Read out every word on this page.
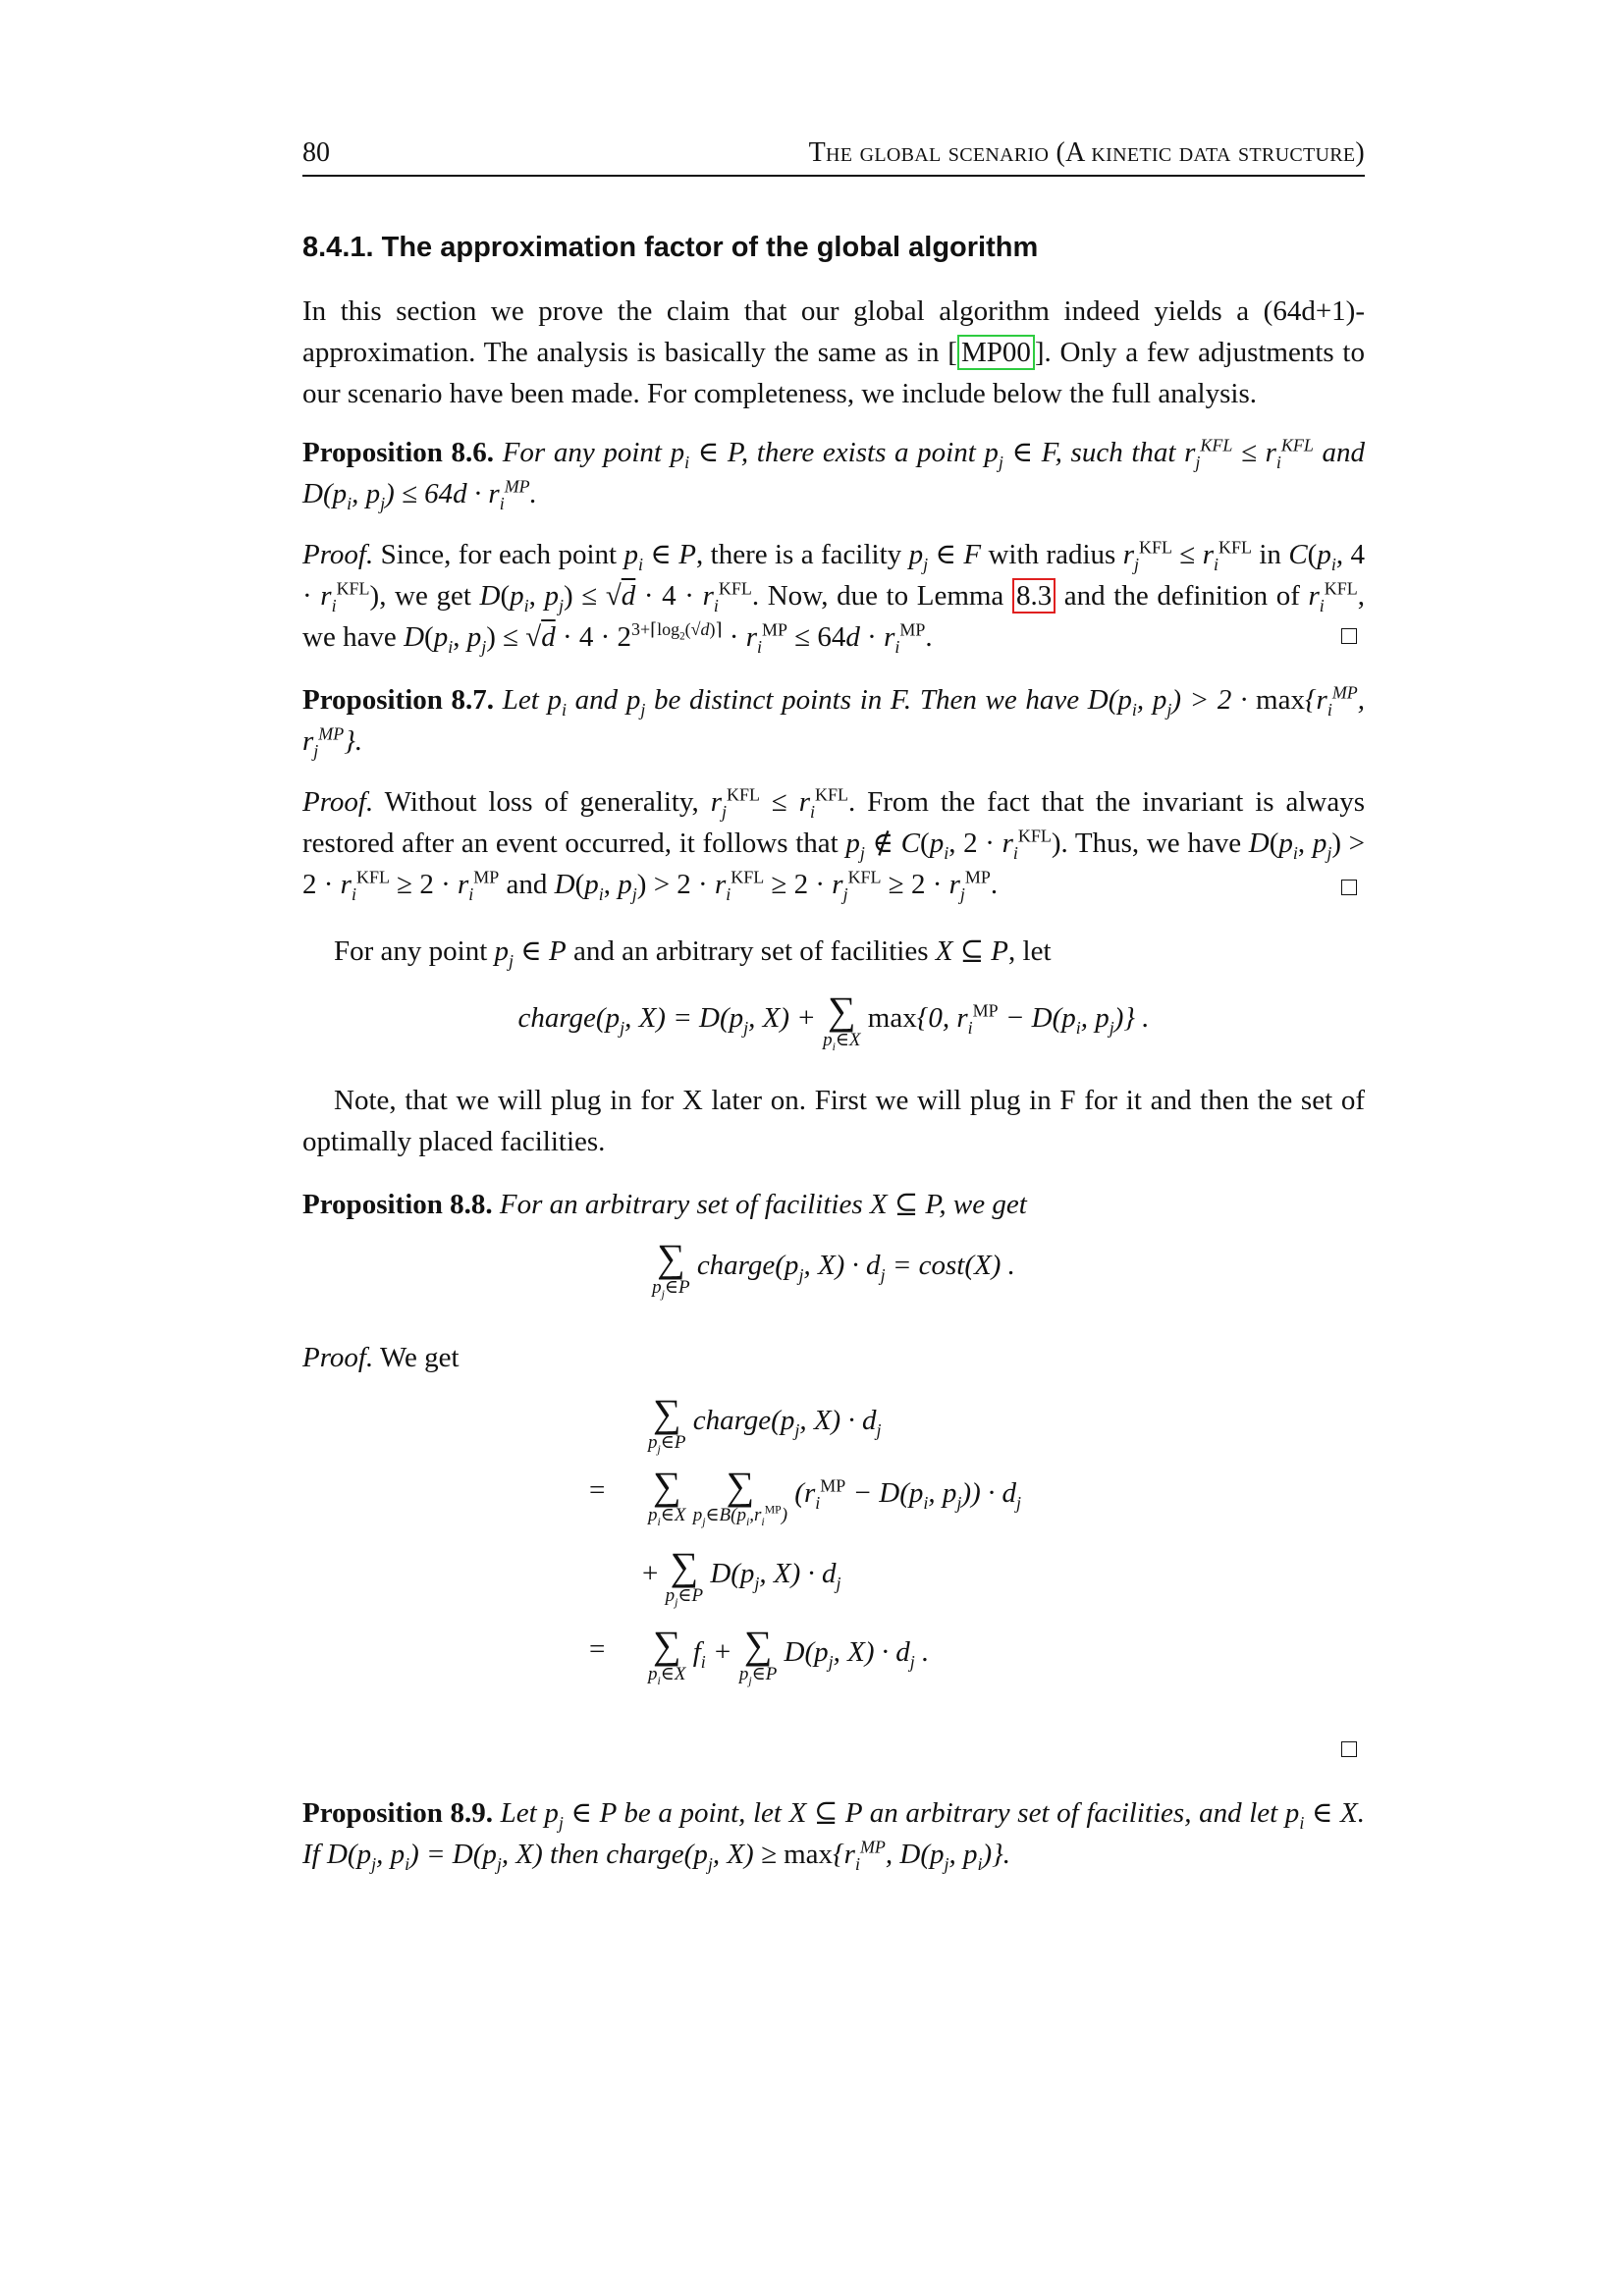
80	The global scenario (A kinetic data structure)
8.4.1. The approximation factor of the global algorithm
In this section we prove the claim that our global algorithm indeed yields a (64d+1)-approximation. The analysis is basically the same as in [ MP00 ]. Only a few adjustments to our scenario have been made. For completeness, we include below the full analysis.
Proposition 8.6. For any point $p_i$ ∈ P, there exists a point $p_j$ ∈ F, such that $r_j^{KFL} \le r_i^{KFL}$ and $D(p_i$, $p_j) \le 64d \cdot r_i^{MP}$.
Proof. Since, for each point $p_i$ ∈ P, there is a facility $p_j$ ∈ F with radius $r_j^{KFL} \le r_i^{KFL}$ in $C(p_i$, $4 \cdot r_i^{KFL}$), we get $D(p_i$, $p_j) \le √d \cdot 4 \cdot r_i^{KFL}$. Now, due to Lemma 8.3 and the definition of $r_i^{KFL}$, we have $D(p_i$, $p_j) \le √d \cdot 4 \cdot 2^{3+⌈log_2(√d)⌉} \cdot r_i^{MP} \le 64d \cdot r_i^{MP}$.
Proposition 8.7. Let $p_i$ and $p_j$ be distinct points in F. Then we have $D(p_i$, $p_j) > 2 \cdot \max\{r_i^{MP}$, $r_j^{MP}$}.
Proof. Without loss of generality, $r_j^{KFL} \le r_i^{KFL}$. From the fact that the invariant is always restored after an event occurred, it follows that $p_j$ ∉ $C(p_i$, $2 \cdot r_i^{KFL}$). Thus, we have $D(p_i$, $p_j) > 2 \cdot r_i^{KFL} \ge 2 \cdot r_i^{MP}$ and $D(p_i$, $p_j) > 2 \cdot r_i^{KFL} \ge 2 \cdot r_j^{KFL} \ge 2 \cdot r_j^{MP}$.
For any point $p_j$ ∈ P and an arbitrary set of facilities X ⊆ P, let
$charge(p_j$, $X) = D(p_j$, X) + ∑
$p_i\in X$
max{0, $r_i^{MP} - D(p_i$, $p_j$)} .
Note, that we will plug in for X later on. First we will plug in F for it and then the set of optimally placed facilities.
Proposition 8.8. For an arbitrary set of facilities X ⊆ P, we get
∑
$p_j\in P$
$charge(p_j$, $X) \cdot d_j = \cos t(X)$ .
Proof. We get
∑
$p_j\in P$
$charge(p_j$, $X) \cdot d_j$
= ∑
$p_i\in X$

∑
$p_j\in B(p_i,r_i^{MP})$
($r_i^{MP} - D(p_i$, $p_j)) \cdot d_j$
+ ∑
$p_j\in P$
$D(p_j$, $X) \cdot d_j$
= ∑
$p_i\in X$
$f_i$ + ∑
$p_j\in P$
$D(p_j$, $X) \cdot d_j$ .
Proposition 8.9. Let $p_j$ ∈ P be a point, let X ⊆ P an arbitrary set of facilities, and let $p_i$ ∈ X. If $D(p_j$, $p_i) = D(p_j$, X) then $charge(p_j$, $X) \ge \max\{r_i^{MP}$, $D(p_j$, $p_i$)}.
